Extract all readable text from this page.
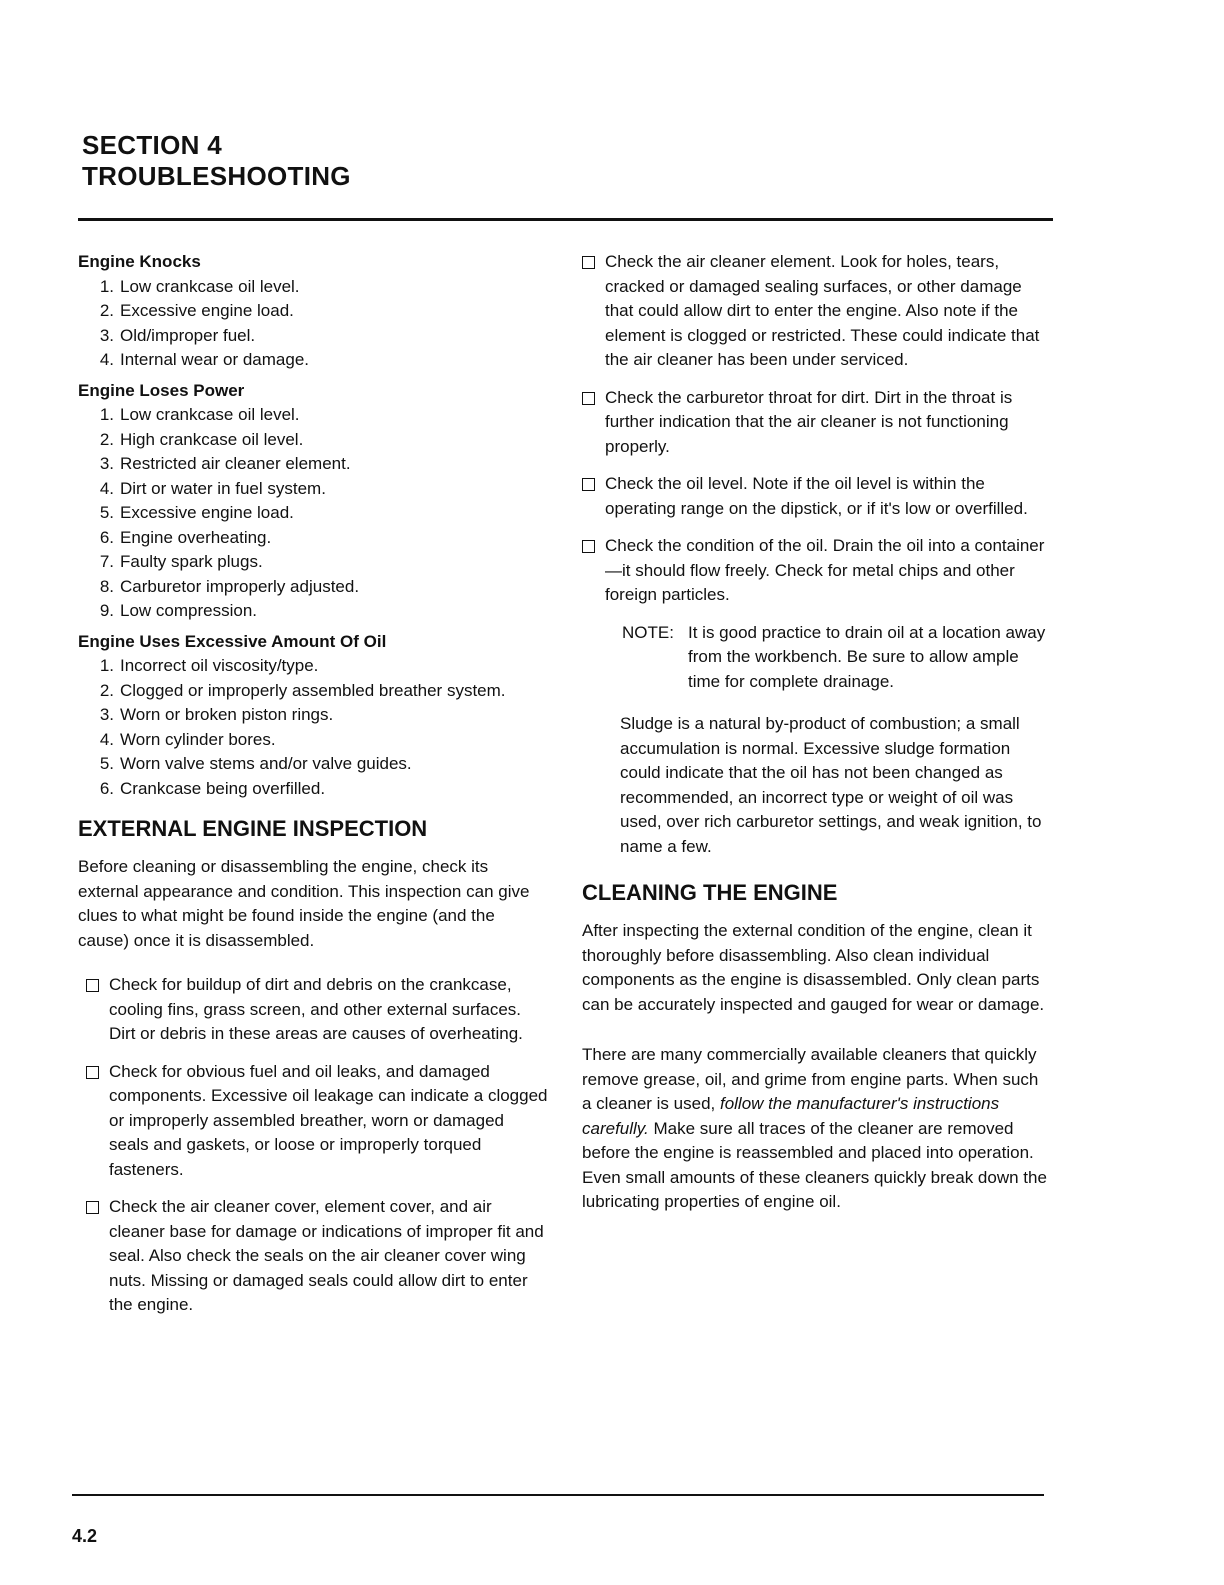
SECTION 4
TROUBLESHOOTING

Engine Knocks

1. Low crankcase oil level.
2. Excessive engine load.
3. Old/improper fuel.
4. Internal wear or damage.

Engine Loses Power

1. Low crankcase oil level.
2. High crankcase oil level.
3. Restricted air cleaner element.
4. Dirt or water in fuel system.
5. Excessive engine load.
6. Engine overheating.
7. Faulty spark plugs.
8. Carburetor improperly adjusted.
9. Low compression.

Engine Uses Excessive Amount Of Oil

1. Incorrect oil viscosity/type.
2. Clogged or improperly assembled breather system.
3. Worn or broken piston rings.
4. Worn cylinder bores.
5. Worn valve stems and/or valve guides.
6. Crankcase being overfilled.
EXTERNAL ENGINE INSPECTION

Before cleaning or disassembling the engine, check its external appearance and condition. This inspection can give clues to what might be found inside the engine (and the cause) once it is disassembled.

Check for buildup of dirt and debris on the crankcase, cooling fins, grass screen, and other external surfaces. Dirt or debris in these areas are causes of overheating.
Check for obvious fuel and oil leaks, and damaged components. Excessive oil leakage can indicate a clogged or improperly assembled breather, worn or damaged seals and gaskets, or loose or improperly torqued fasteners.
Check the air cleaner cover, element cover, and air cleaner base for damage or indications of improper fit and seal. Also check the seals on the air cleaner cover wing nuts. Missing or damaged seals could allow dirt to enter the engine.
Check the air cleaner element. Look for holes, tears, cracked or damaged sealing surfaces, or other damage that could allow dirt to enter the engine. Also note if the element is clogged or restricted. These could indicate that the air cleaner has been under serviced.
Check the carburetor throat for dirt. Dirt in the throat is further indication that the air cleaner is not functioning properly.
Check the oil level. Note if the oil level is within the operating range on the dipstick, or if it's low or overfilled.
Check the condition of the oil. Drain the oil into a container—it should flow freely. Check for metal chips and other foreign particles.
NOTE: It is good practice to drain oil at a location away from the workbench. Be sure to allow ample time for complete drainage.

Sludge is a natural by-product of combustion; a small accumulation is normal. Excessive sludge formation could indicate that the oil has not been changed as recommended, an incorrect type or weight of oil was used, over rich carburetor settings, and weak ignition, to name a few.

CLEANING THE ENGINE

After inspecting the external condition of the engine, clean it thoroughly before disassembling. Also clean individual components as the engine is disassembled. Only clean parts can be accurately inspected and gauged for wear or damage.

There are many commercially available cleaners that quickly remove grease, oil, and grime from engine parts. When such a cleaner is used, follow the manufacturer's instructions carefully. Make sure all traces of the cleaner are removed before the engine is reassembled and placed into operation. Even small amounts of these cleaners quickly break down the lubricating properties of engine oil.

4.2
